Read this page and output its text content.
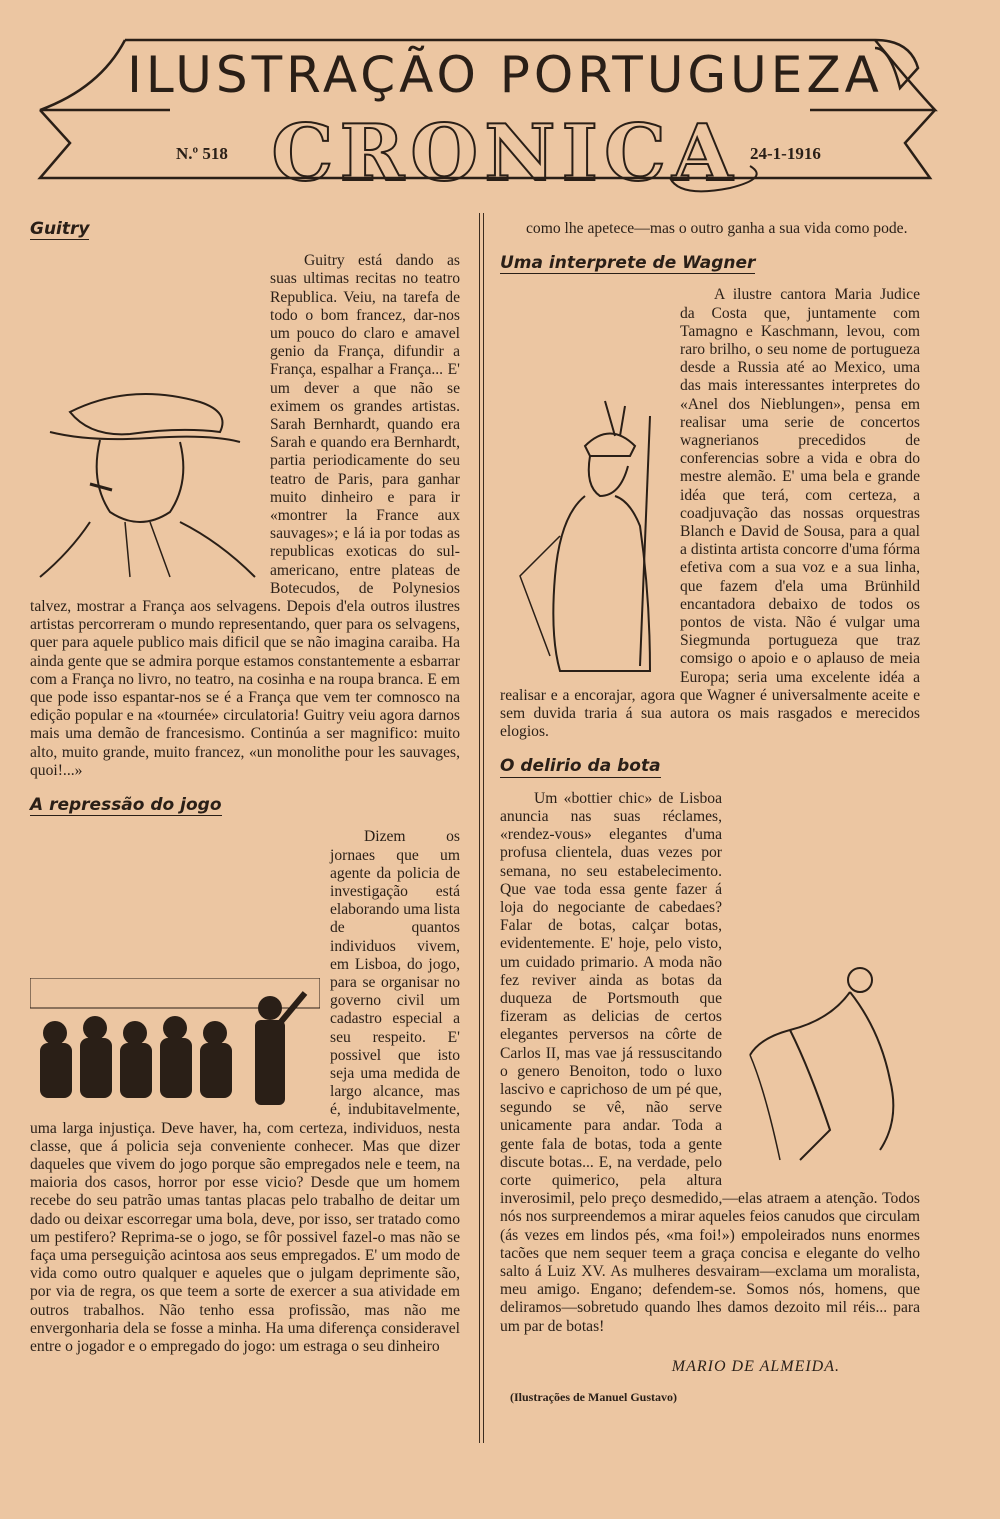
ILUSTRAÇÃO PORTUGUEZA
CRONICA
N.º 518	24-1-1916
Guitry

Guitry está dando as suas ultimas recitas no teatro Republica. Veiu, na tarefa de todo o bom francez, dar-nos um pouco do claro e amavel genio da França, difundir a França, espalhar a França... E' um dever a que não se eximem os grandes artistas. Sarah Bernhardt, quando era Sarah e quando era Bernhardt, partia periodicamente do seu teatro de Paris, para ganhar muito dinheiro e para ir «montrer la France aux sauvages»; e lá ia por todas as republicas exoticas do sul-americano, entre plateas de Botecudos, de Polynesios talvez, mostrar a França aos selvagens. Depois d'ela outros ilustres artistas percorreram o mundo representando, quer para os selvagens, quer para aquele publico mais dificil que se não imagina caraiba. Ha ainda gente que se admira porque estamos constantemente a esbarrar com a França no livro, no teatro, na cosinha e na roupa branca. E em que pode isso espantar-nos se é a França que vem ter comnosco na edição popular e na «tournée» circulatoria! Guitry veiu agora darnos mais uma demão de francesismo. Continúa a ser magnifico: muito alto, muito grande, muito francez, «un monolithe pour les sauvages, quoi!...»

A repressão do jogo

Dizem os jornaes que um agente da policia de investigação está elaborando uma lista de quantos individuos vivem, em Lisboa, do jogo, para se organisar no governo civil um cadastro especial a seu respeito. E' possivel que isto seja uma medida de largo alcance, mas é, indubitavelmente, uma larga injustiça. Deve haver, ha, com certeza, individuos, nesta classe, que á policia seja conveniente conhecer. Mas que dizer daqueles que vivem do jogo porque são empregados nele e teem, na maioria dos casos, horror por esse vicio? Desde que um homem recebe do seu patrão umas tantas placas pelo trabalho de deitar um dado ou deixar escorregar uma bola, deve, por isso, ser tratado como um pestifero? Reprima-se o jogo, se fôr possivel fazel-o mas não se faça uma perseguição acintosa aos seus empregados. E' um modo de vida como outro qualquer e aqueles que o julgam deprimente são, por via de regra, os que teem a sorte de exercer a sua atividade em outros trabalhos. Não tenho essa profissão, mas não me envergonharia dela se fosse a minha. Ha uma diferença consideravel entre o jogador e o empregado do jogo: um estraga o seu dinheiro

como lhe apetece—mas o outro ganha a sua vida como pode.

Uma interprete de Wagner

A ilustre cantora Maria Judice da Costa que, juntamente com Tamagno e Kaschmann, levou, com raro brilho, o seu nome de portugueza desde a Russia até ao Mexico, uma das mais interessantes interpretes do «Anel dos Nieblungen», pensa em realisar uma serie de concertos wagnerianos precedidos de conferencias sobre a vida e obra do mestre alemão. E' uma bela e grande idéa que terá, com certeza, a coadjuvação das nossas orquestras Blanch e David de Sousa, para a qual a distinta artista concorre d'uma fórma efetiva com a sua voz e a sua linha, que fazem d'ela uma Brünhild encantadora debaixo de todos os pontos de vista. Não é vulgar uma Siegmunda portugueza que traz comsigo o apoio e o aplauso de meia Europa; seria uma excelente idéa a realisar e a encorajar, agora que Wagner é universalmente aceite e sem duvida traria á sua autora os mais rasgados e merecidos elogios.

O delirio da bota

Um «bottier chic» de Lisboa anuncia nas suas réclames, «rendez-vous» elegantes d'uma profusa clientela, duas vezes por semana, no seu estabelecimento. Que vae toda essa gente fazer á loja do negociante de cabedaes? Falar de botas, calçar botas, evidentemente. E' hoje, pelo visto, um cuidado primario. A moda não fez reviver ainda as botas da duqueza de Portsmouth que fizeram as delicias de certos elegantes perversos na côrte de Carlos II, mas vae já ressuscitando o genero Benoiton, todo o luxo lascivo e caprichoso de um pé que, segundo se vê, não serve unicamente para andar. Toda a gente fala de botas, toda a gente discute botas... E, na verdade, pelo corte quimerico, pela altura inverosimil, pelo preço desmedido,—elas atraem a atenção. Todos nós nos surpreendemos a mirar aqueles feios canudos que circulam (ás vezes em lindos pés, «ma foi!») empoleirados nuns enormes tacões que nem sequer teem a graça concisa e elegante do velho salto á Luiz XV. As mulheres desvairam—exclama um moralista, meu amigo. Engano; defendem-se. Somos nós, homens, que deliramos—sobretudo quando lhes damos dezoito mil réis... para um par de botas!

MARIO DE ALMEIDA.
(Ilustrações de Manuel Gustavo)
